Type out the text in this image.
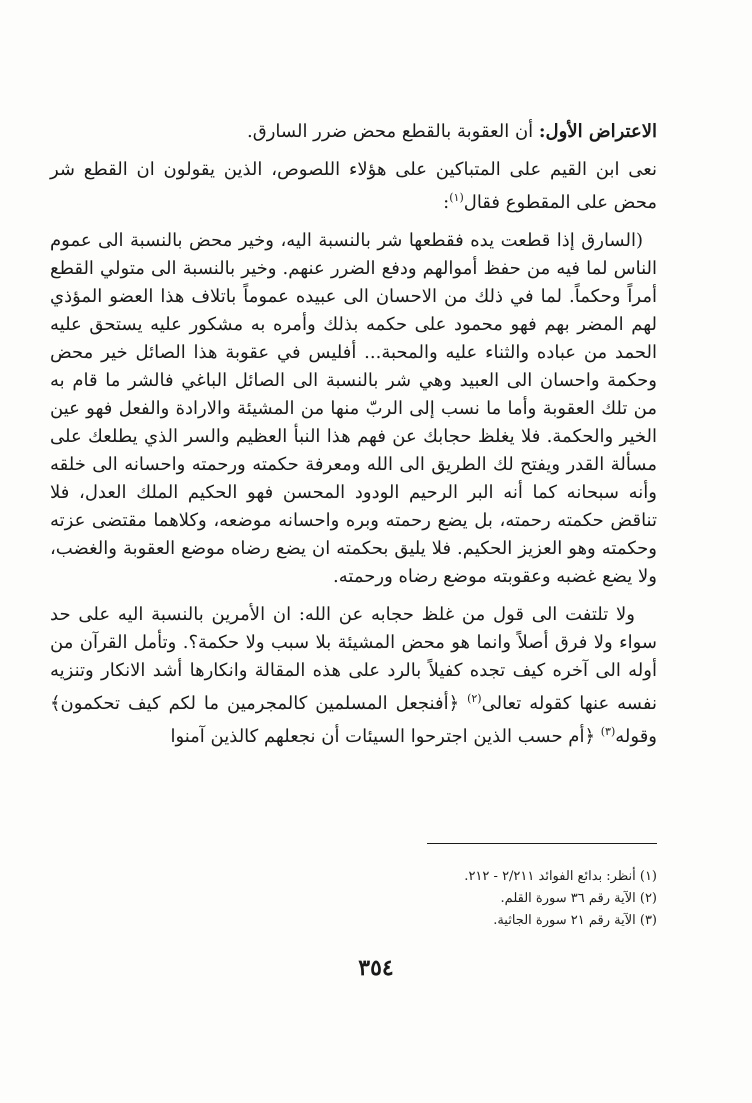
الاعتراض الأول: أن العقوبة بالقطع محض ضرر السارق.

نعى ابن القيم على المتباكين على هؤلاء اللصوص، الذين يقولون ان القطع شر محض على المقطوع فقال$^{(١)}$:

(السارق إذا قطعت يده فقطعها شر بالنسبة اليه، وخير محض بالنسبة الى عموم الناس لما فيه من حفظ أموالهم ودفع الضرر عنهم. وخير بالنسبة الى متولي القطع أمراً وحكماً. لما في ذلك من الاحسان الى عبيده عموماً باتلاف هذا العضو المؤذي لهم المضر بهم فهو محمود على حكمه بذلك وأمره به مشكور عليه يستحق عليه الحمد من عباده والثناء عليه والمحبة... أفليس في عقوبة هذا الصائل خير محض وحكمة واحسان الى العبيد وهي شر بالنسبة الى الصائل الباغي فالشر ما قام به من تلك العقوبة وأما ما نسب إلى الربّ منها من المشيئة والارادة والفعل فهو عين الخير والحكمة. فلا يغلظ حجابك عن فهم هذا النبأ العظيم والسر الذي يطلعك على مسألة القدر ويفتح لك الطريق الى الله ومعرفة حكمته ورحمته واحسانه الى خلقه وأنه سبحانه كما أنه البر الرحيم الودود المحسن فهو الحكيم الملك العدل، فلا تناقض حكمته رحمته، بل يضع رحمته وبره واحسانه موضعه، وكلاهما مقتضى عزته وحكمته وهو العزيز الحكيم. فلا يليق بحكمته ان يضع رضاه موضع العقوبة والغضب، ولا يضع غضبه وعقوبته موضع رضاه ورحمته.

ولا تلتفت الى قول من غلظ حجابه عن الله: ان الأمرين بالنسبة اليه على حد سواء ولا فرق أصلاً وانما هو محض المشيئة بلا سبب ولا حكمة؟. وتأمل القرآن من أوله الى آخره كيف تجده كفيلاً بالرد على هذه المقالة وانكارها أشد الانكار وتنزيه نفسه عنها كقوله تعالى$^{(٢)}$ ﴿أفنجعل المسلمين كالمجرمين ما لكم كيف تحكمون﴾ وقوله$^{(٣)}$ ﴿أم حسب الذين اجترحوا السيئات أن نجعلهم كالذين آمنوا

(١) أنظر: بدائع الفوائد ٢/٢١١ - ٢١٢.

(٢) الآية رقم ٣٦ سورة القلم.

(٣) الآية رقم ٢١ سورة الجاثية.

٣٥٤
